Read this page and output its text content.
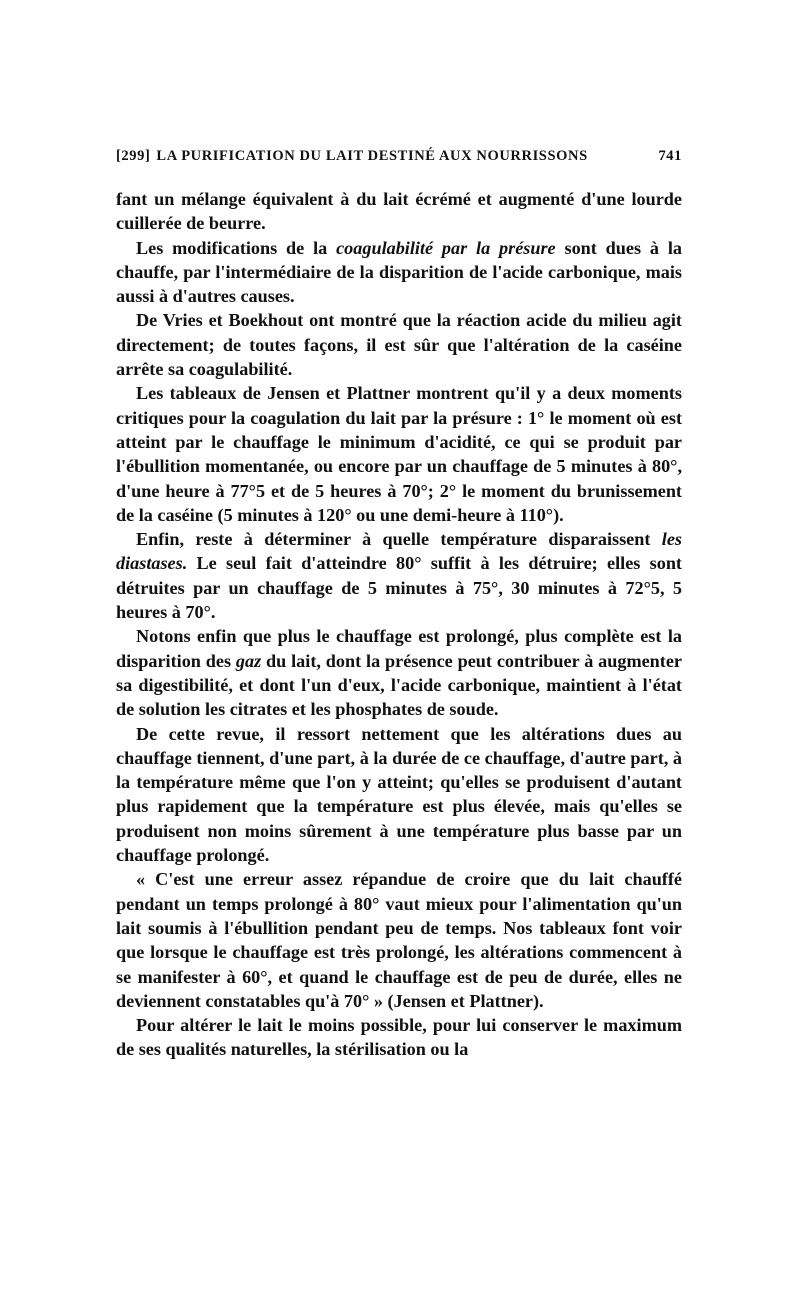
[299] LA PURIFICATION DU LAIT DESTINÉ AUX NOURRISSONS	741

fant un mélange équivalent à du lait écrémé et augmenté d'une lourde cuillerée de beurre.

Les modifications de la coagulabilité par la présure sont dues à la chauffe, par l'intermédiaire de la disparition de l'acide carbonique, mais aussi à d'autres causes.

De Vries et Boekhout ont montré que la réaction acide du milieu agit directement; de toutes façons, il est sûr que l'altération de la caséine arrête sa coagulabilité.

Les tableaux de Jensen et Plattner montrent qu'il y a deux moments critiques pour la coagulation du lait par la présure : 1° le moment où est atteint par le chauffage le minimum d'acidité, ce qui se produit par l'ébullition momentanée, ou encore par un chauffage de 5 minutes à 80°, d'une heure à 77°5 et de 5 heures à 70°; 2° le moment du brunissement de la caséine (5 minutes à 120° ou une demi-heure à 110°).

Enfin, reste à déterminer à quelle température disparaissent les diastases. Le seul fait d'atteindre 80° suffit à les détruire; elles sont détruites par un chauffage de 5 minutes à 75°, 30 minutes à 72°5, 5 heures à 70°.

Notons enfin que plus le chauffage est prolongé, plus complète est la disparition des gaz du lait, dont la présence peut contribuer à augmenter sa digestibilité, et dont l'un d'eux, l'acide carbonique, maintient à l'état de solution les citrates et les phosphates de soude.

De cette revue, il ressort nettement que les altérations dues au chauffage tiennent, d'une part, à la durée de ce chauffage, d'autre part, à la température même que l'on y atteint; qu'elles se produisent d'autant plus rapidement que la température est plus élevée, mais qu'elles se produisent non moins sûrement à une température plus basse par un chauffage prolongé.

« C'est une erreur assez répandue de croire que du lait chauffé pendant un temps prolongé à 80° vaut mieux pour l'alimentation qu'un lait soumis à l'ébullition pendant peu de temps. Nos tableaux font voir que lorsque le chauffage est très prolongé, les altérations commencent à se manifester à 60°, et quand le chauffage est de peu de durée, elles ne deviennent constatables qu'à 70° » (Jensen et Plattner).

Pour altérer le lait le moins possible, pour lui conserver le maximum de ses qualités naturelles, la stérilisation ou la
